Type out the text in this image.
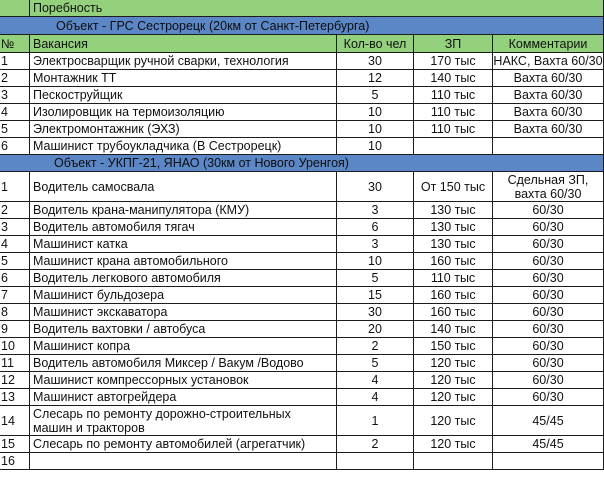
Поребность
Объект - ГРС Сестрорецк (20км от Санкт-Петербурга)
№	Вакансия	Кол-во чел	ЗП	Комментарии
1	Электросварщик ручной сварки, технология	30	170 тыс	НАКС, Вахта 60/30
2	Монтажник ТТ	12	140 тыс	Вахта 60/30
3	Пескоструйщик	5	110 тыс	Вахта 60/30
4	Изолировщик на термоизоляцию	10	110 тыс	Вахта 60/30
5	Электромонтажник (ЭХЗ)	10	110 тыс	Вахта 60/30
6	Машинист трубоукладчика (В Сестрорецк)	10
Объект - УКПГ-21, ЯНАО (30км от Нового Уренгоя)
1	Водитель самосвала	30	От 150 тыс	Сдельная ЗП, вахта 60/30
2	Водитель крана-манипулятора (КМУ)	3	130 тыс	60/30
3	Водитель автомобиля тягач	6	130 тыс	60/30
4	Машинист катка	3	130 тыс	60/30
5	Машинист крана автомобильного	10	160 тыс	60/30
6	Водитель легкового автомобиля	5	110 тыс	60/30
7	Машинист бульдозера	15	160 тыс	60/30
8	Машинист экскаватора	30	160 тыс	60/30
9	Водитель вахтовки / автобуса	20	140 тыс	60/30
10	Машинист копра	2	150 тыс	60/30
11	Водитель автомобиля Миксер / Вакум /Водово	5	120 тыс	60/30
12	Машинист компрессорных установок	4	120 тыс	60/30
13	Машинист автогрейдера	4	120 тыс	60/30
14	Слесарь по ремонту дорожно-строительных машин и тракторов	1	120 тыс	45/45
15	Слесарь по ремонту автомобилей (агрегатчик)	2	120 тыс	45/45
16
